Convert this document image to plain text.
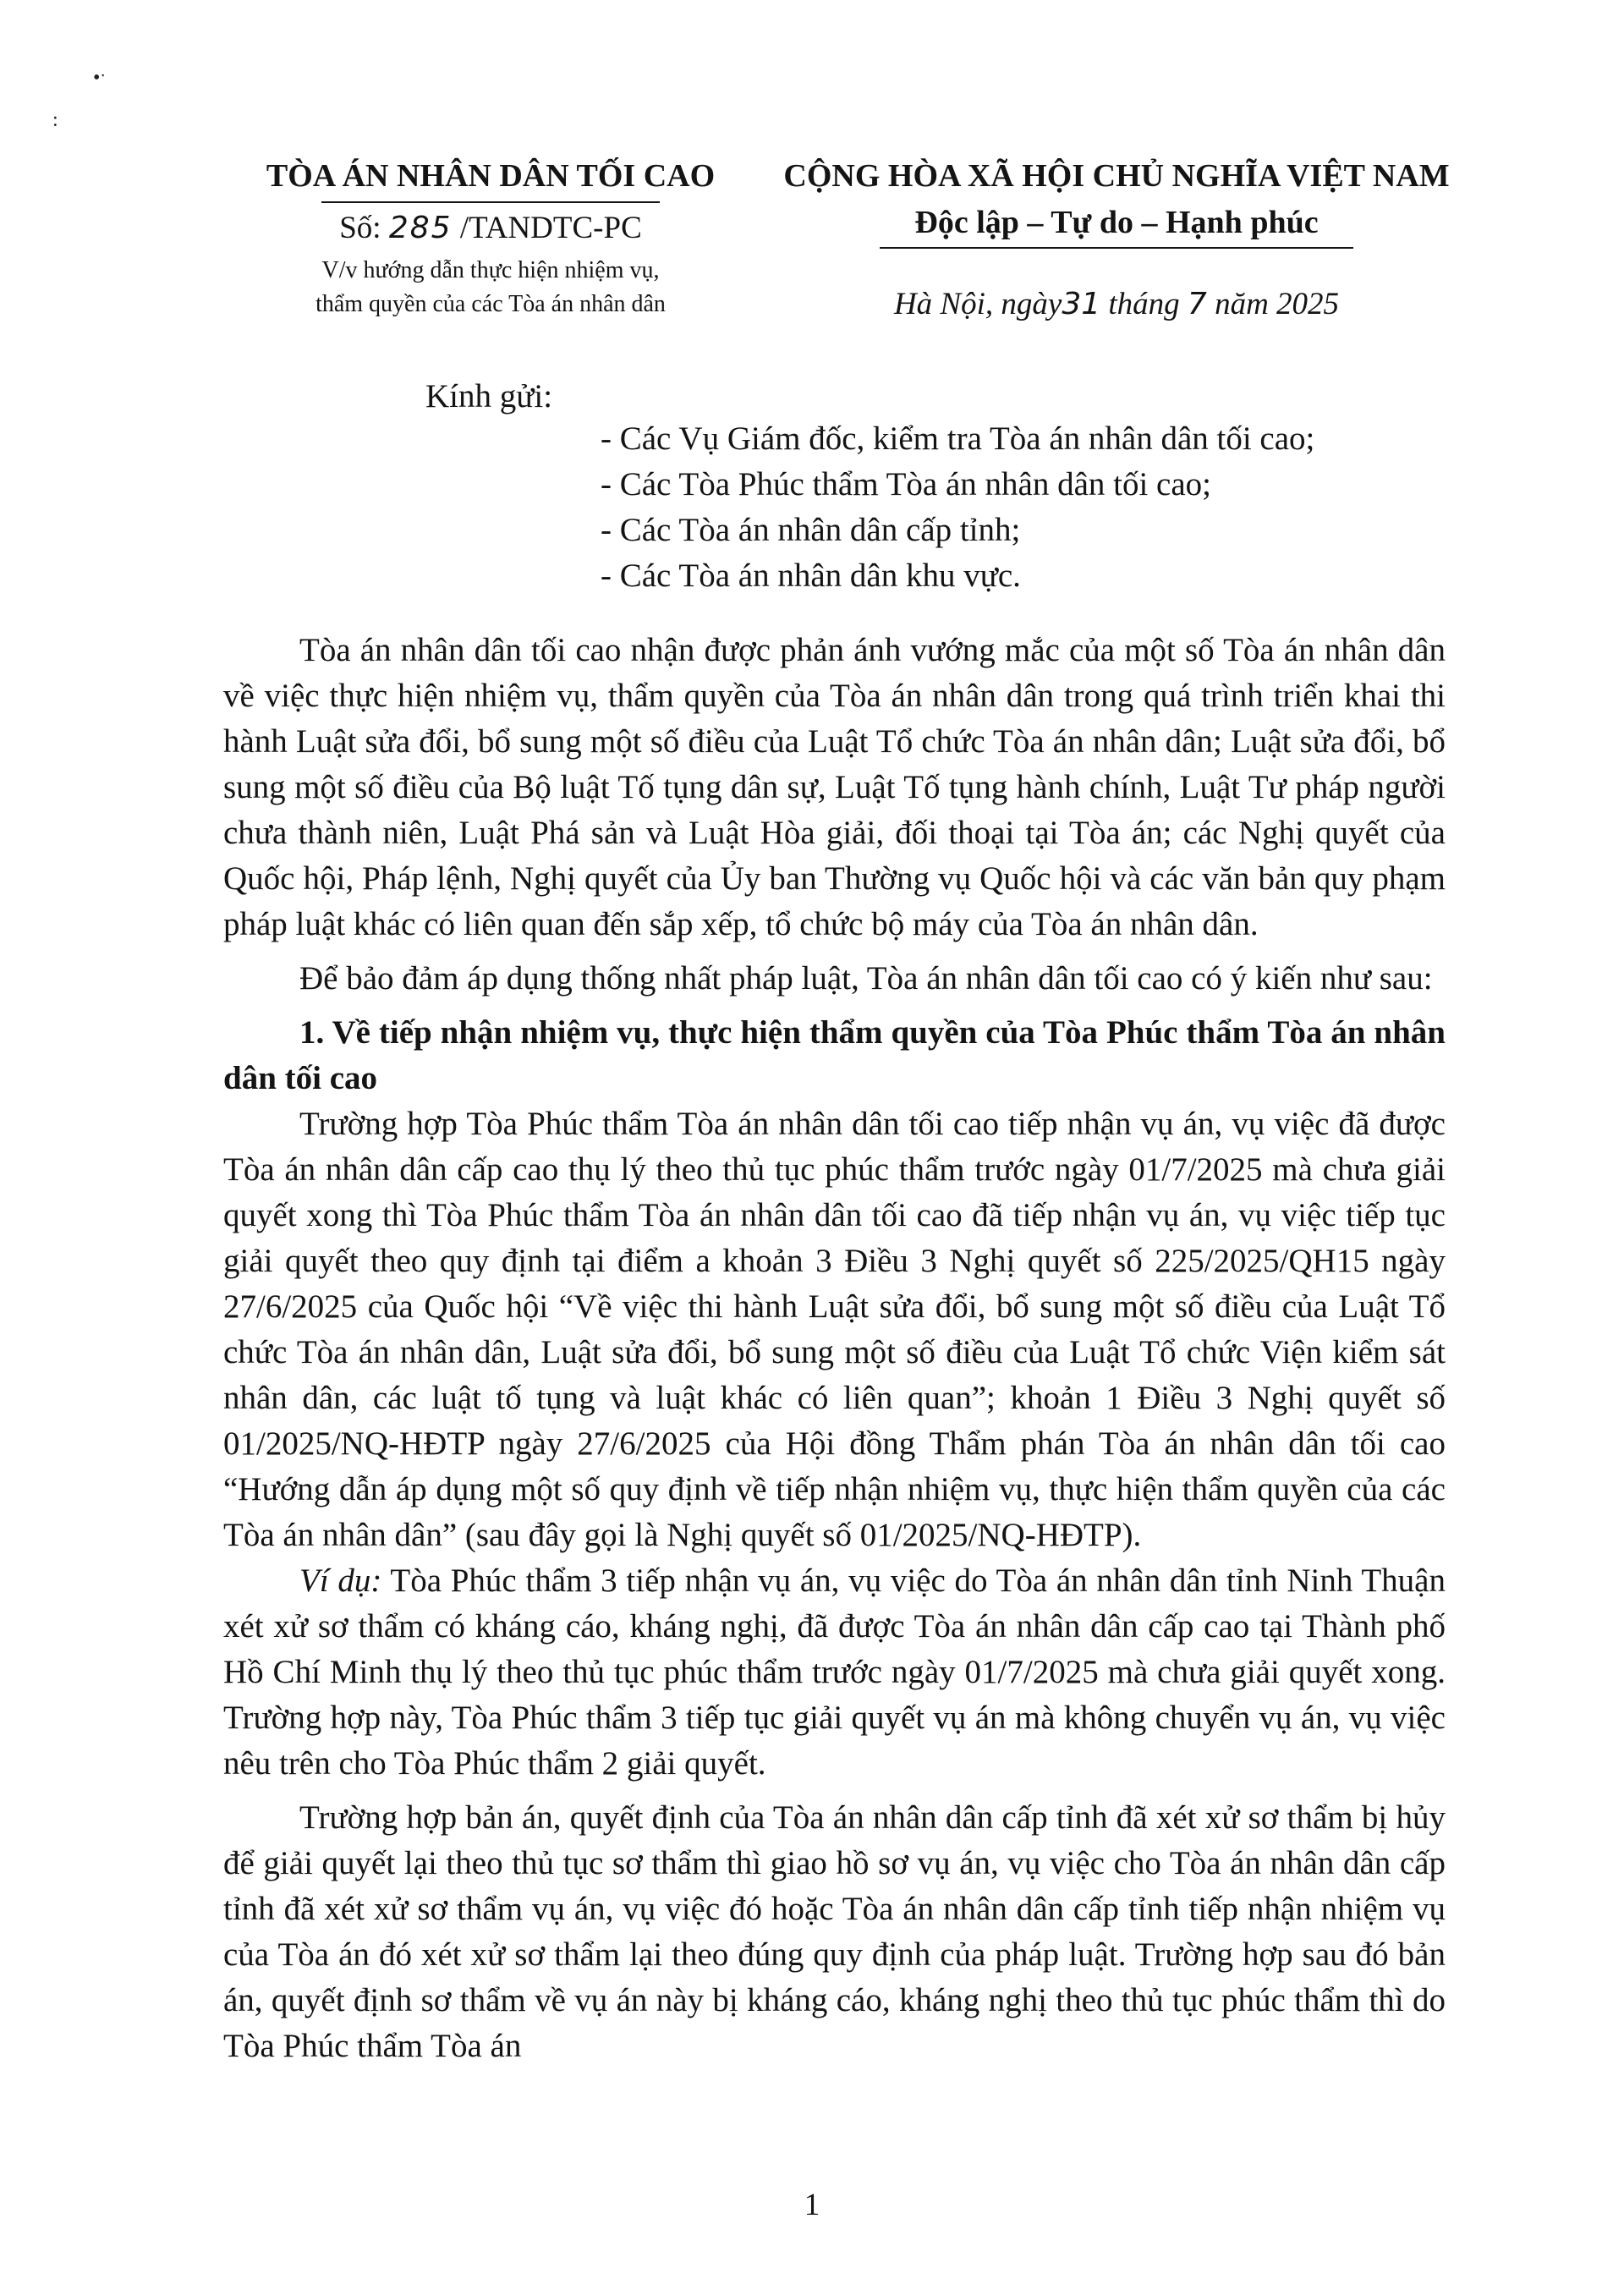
•ˑ
:
TÒA ÁN NHÂN DÂN TỐI CAO
Số: 285 /TANDTC-PC
V/v hướng dẫn thực hiện nhiệm vụ,
thẩm quyền của các Tòa án nhân dân
CỘNG HÒA XÃ HỘI CHỦ NGHĨA VIỆT NAM
Độc lập – Tự do – Hạnh phúc
Hà Nội, ngày31 tháng 7 năm 2025
Kính gửi:
- Các Vụ Giám đốc, kiểm tra Tòa án nhân dân tối cao;
- Các Tòa Phúc thẩm Tòa án nhân dân tối cao;
- Các Tòa án nhân dân cấp tỉnh;
- Các Tòa án nhân dân khu vực.

Tòa án nhân dân tối cao nhận được phản ánh vướng mắc của một số Tòa án nhân dân về việc thực hiện nhiệm vụ, thẩm quyền của Tòa án nhân dân trong quá trình triển khai thi hành Luật sửa đổi, bổ sung một số điều của Luật Tổ chức Tòa án nhân dân; Luật sửa đổi, bổ sung một số điều của Bộ luật Tố tụng dân sự, Luật Tố tụng hành chính, Luật Tư pháp người chưa thành niên, Luật Phá sản và Luật Hòa giải, đối thoại tại Tòa án; các Nghị quyết của Quốc hội, Pháp lệnh, Nghị quyết của Ủy ban Thường vụ Quốc hội và các văn bản quy phạm pháp luật khác có liên quan đến sắp xếp, tổ chức bộ máy của Tòa án nhân dân.

Để bảo đảm áp dụng thống nhất pháp luật, Tòa án nhân dân tối cao có ý kiến như sau:

1. Về tiếp nhận nhiệm vụ, thực hiện thẩm quyền của Tòa Phúc thẩm Tòa án nhân dân tối cao

Trường hợp Tòa Phúc thẩm Tòa án nhân dân tối cao tiếp nhận vụ án, vụ việc đã được Tòa án nhân dân cấp cao thụ lý theo thủ tục phúc thẩm trước ngày 01/7/2025 mà chưa giải quyết xong thì Tòa Phúc thẩm Tòa án nhân dân tối cao đã tiếp nhận vụ án, vụ việc tiếp tục giải quyết theo quy định tại điểm a khoản 3 Điều 3 Nghị quyết số 225/2025/QH15 ngày 27/6/2025 của Quốc hội “Về việc thi hành Luật sửa đổi, bổ sung một số điều của Luật Tổ chức Tòa án nhân dân, Luật sửa đổi, bổ sung một số điều của Luật Tổ chức Viện kiểm sát nhân dân, các luật tố tụng và luật khác có liên quan”; khoản 1 Điều 3 Nghị quyết số 01/2025/NQ-HĐTP ngày 27/6/2025 của Hội đồng Thẩm phán Tòa án nhân dân tối cao “Hướng dẫn áp dụng một số quy định về tiếp nhận nhiệm vụ, thực hiện thẩm quyền của các Tòa án nhân dân” (sau đây gọi là Nghị quyết số 01/2025/NQ-HĐTP).

Ví dụ: Tòa Phúc thẩm 3 tiếp nhận vụ án, vụ việc do Tòa án nhân dân tỉnh Ninh Thuận xét xử sơ thẩm có kháng cáo, kháng nghị, đã được Tòa án nhân dân cấp cao tại Thành phố Hồ Chí Minh thụ lý theo thủ tục phúc thẩm trước ngày 01/7/2025 mà chưa giải quyết xong. Trường hợp này, Tòa Phúc thẩm 3 tiếp tục giải quyết vụ án mà không chuyển vụ án, vụ việc nêu trên cho Tòa Phúc thẩm 2 giải quyết.

Trường hợp bản án, quyết định của Tòa án nhân dân cấp tỉnh đã xét xử sơ thẩm bị hủy để giải quyết lại theo thủ tục sơ thẩm thì giao hồ sơ vụ án, vụ việc cho Tòa án nhân dân cấp tỉnh đã xét xử sơ thẩm vụ án, vụ việc đó hoặc Tòa án nhân dân cấp tỉnh tiếp nhận nhiệm vụ của Tòa án đó xét xử sơ thẩm lại theo đúng quy định của pháp luật. Trường hợp sau đó bản án, quyết định sơ thẩm về vụ án này bị kháng cáo, kháng nghị theo thủ tục phúc thẩm thì do Tòa Phúc thẩm Tòa án

1
